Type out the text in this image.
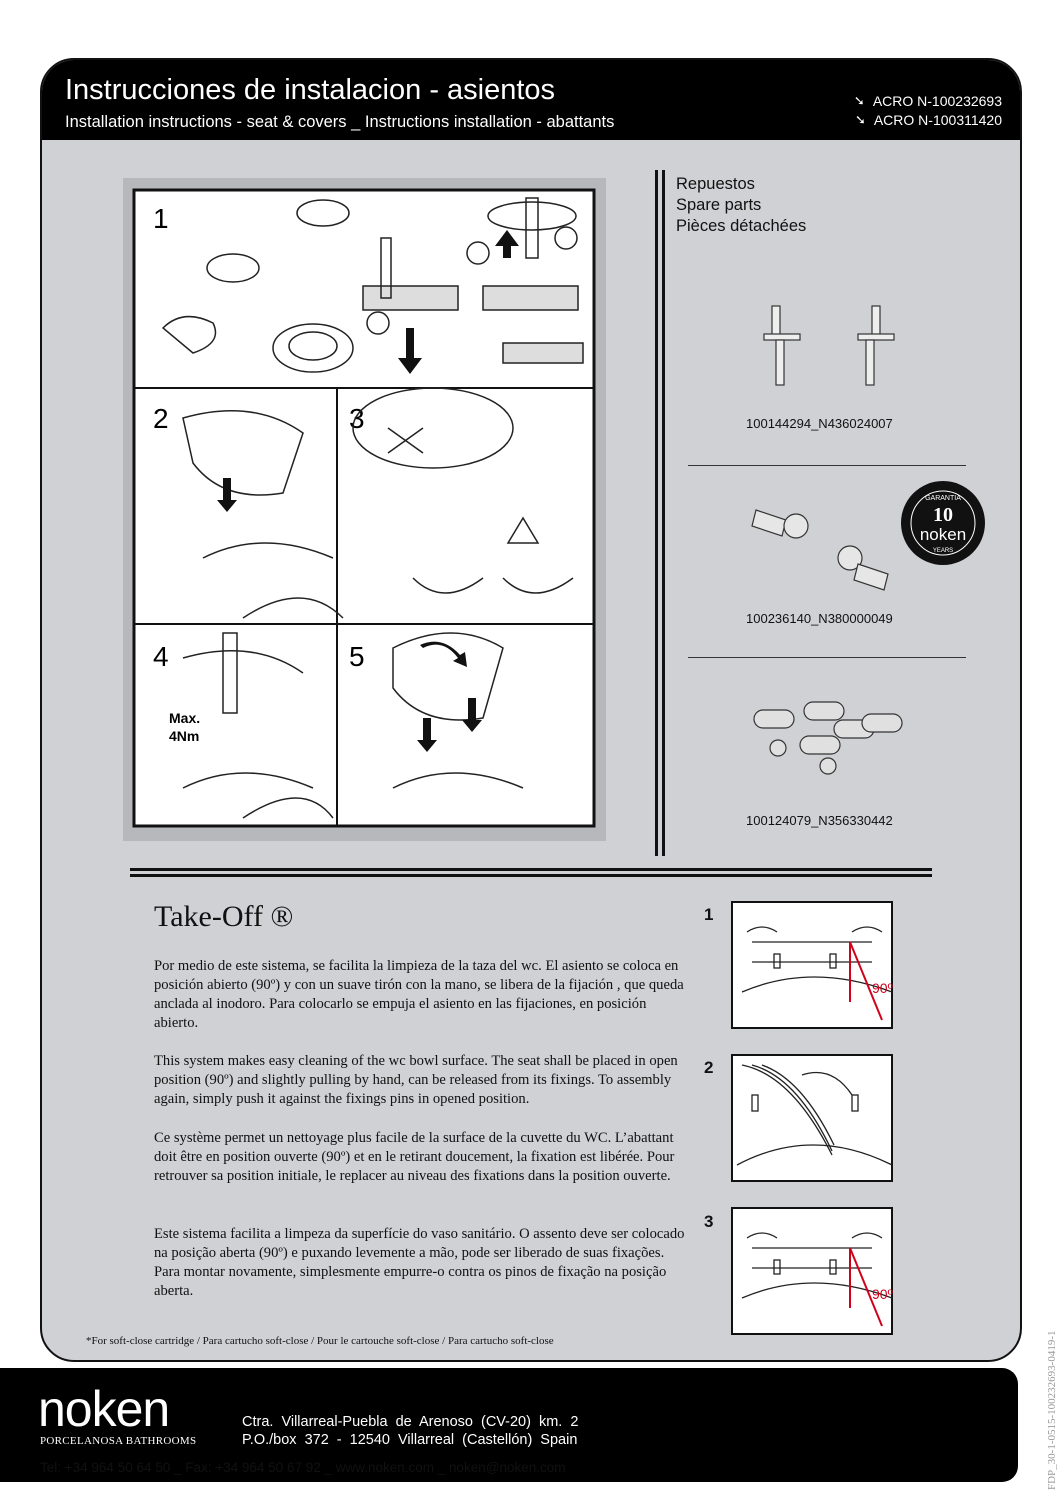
Instrucciones de instalacion - asientos
Installation instructions - seat & covers _ Instructions installation - abattants
➘ ACRO N-100232693
➘ ACRO N-100311420
1
2	3
4	5
Max.
4Nm
Repuestos
Spare parts
Pièces détachées
100144294_N436024007
GARANTIA
10
noken
YEARS
100236140_N380000049
100124079_N356330442
Take-Off ®

Por medio de este sistema, se facilita la limpieza de la taza del wc. El asiento se coloca en posición abierto (90º) y con un suave tirón con la mano, se libera de la fijación , que queda anclada al inodoro. Para colocarlo se empuja el asiento en las fijaciones, en posición abierto.

This system makes easy cleaning of the wc bowl surface. The seat shall be placed in open position (90º) and slightly pulling by hand, can be released from its fixings. To assembly again, simply push it against the fixings pins in opened position.

Ce système permet un nettoyage plus facile de la surface de la cuvette du WC. L’abattant doit être en position ouverte (90º) et en le retirant doucement, la fixation est libérée. Pour retrouver sa position initiale, le replacer au niveau des fixations dans la position ouverte.

Este sistema facilita a limpeza da superfície do vaso sanitário. O assento deve ser colocado na posição aberta (90º) e puxando levemente a mão, pode ser liberado de suas fixações. Para montar novamente, simplesmente empurre-o contra os pinos de fixação na posição aberta.

1
2
3
90º
90º
*For soft-close cartridge / Para cartucho soft-close / Pour le cartouche soft-close / Para cartucho soft-close
noken
PORCELANOSA BATHROOMS
Ctra. Villarreal-Puebla de Arenoso (CV-20) km. 2
P.O./box 372 - 12540 Villarreal (Castellón) Spain
Tel: +34 964 50 64 50 _ Fax: +34 964 50 67 92 _ www.noken.com _ noken@noken.com	FDP_30-1-0515-100232693-0419-1
